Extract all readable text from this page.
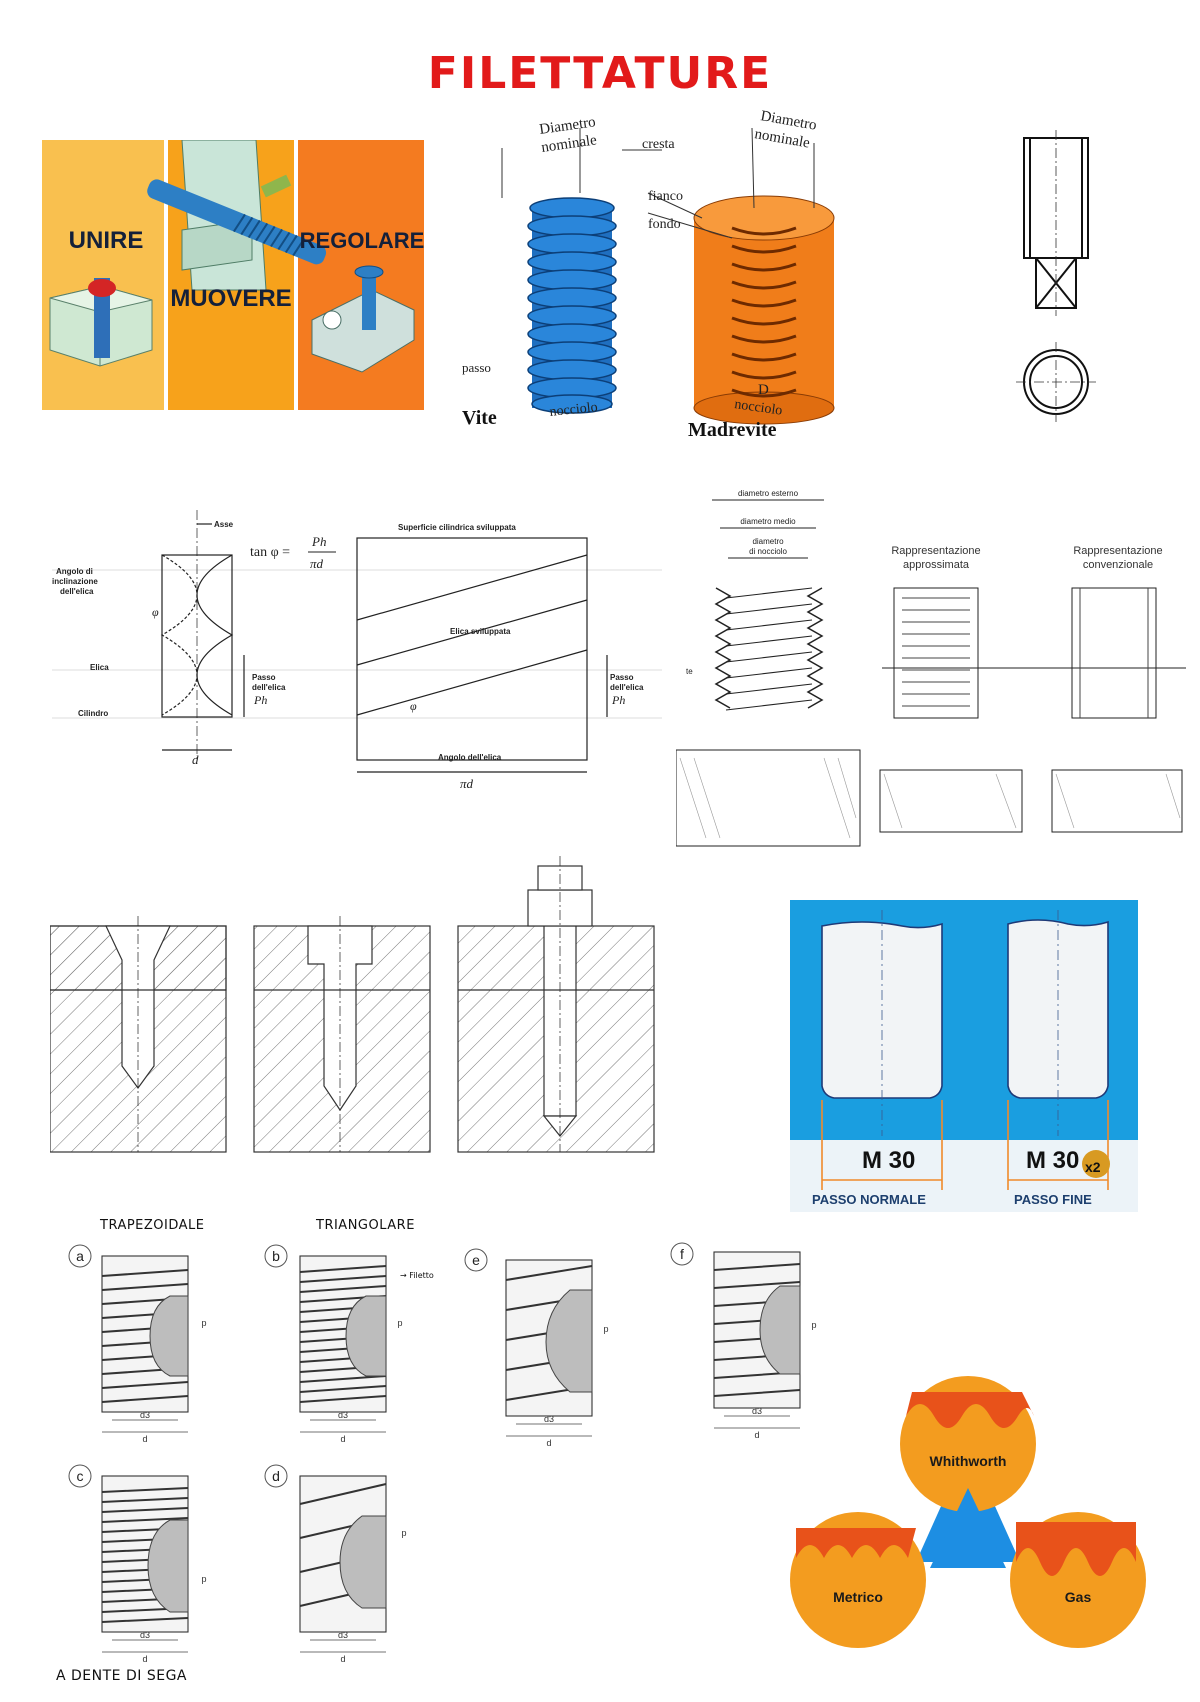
FILETTATURE
UNIRE
MUOVERE
REGOLARE
Diametro
nominale
Diametro
nominale
cresta
fianco
fondo
passo
nocciolo	nocciolo
D
Vite
Madrevite
Asse
tan φ =
Ph
πd
Angolo di
inclinazione
dell'elica
φ
Elica
Cilindro
Passo
dell'elica
Ph
d
Superficie cilindrica sviluppata
Elica sviluppata
Angolo dell'elica
φ
Passo
dell'elica
Ph
πd
diametro esterno
diametro medio
diametro
di nocciolo
te
Rappresentazione
approssimata
Rappresentazione
convenzionale
M 30	M 30 x2
PASSO NORMALE	PASSO FINE
TRAPEZOIDALE	TRIANGOLARE
A DENTE DI SEGA
a	b
c	d
e	f
d
d3
d
d3
d
d3
d
d3
d
d3
d
d3
p	p
p	p
p
p
→ Filetto
Whithworth
Metrico	Gas
